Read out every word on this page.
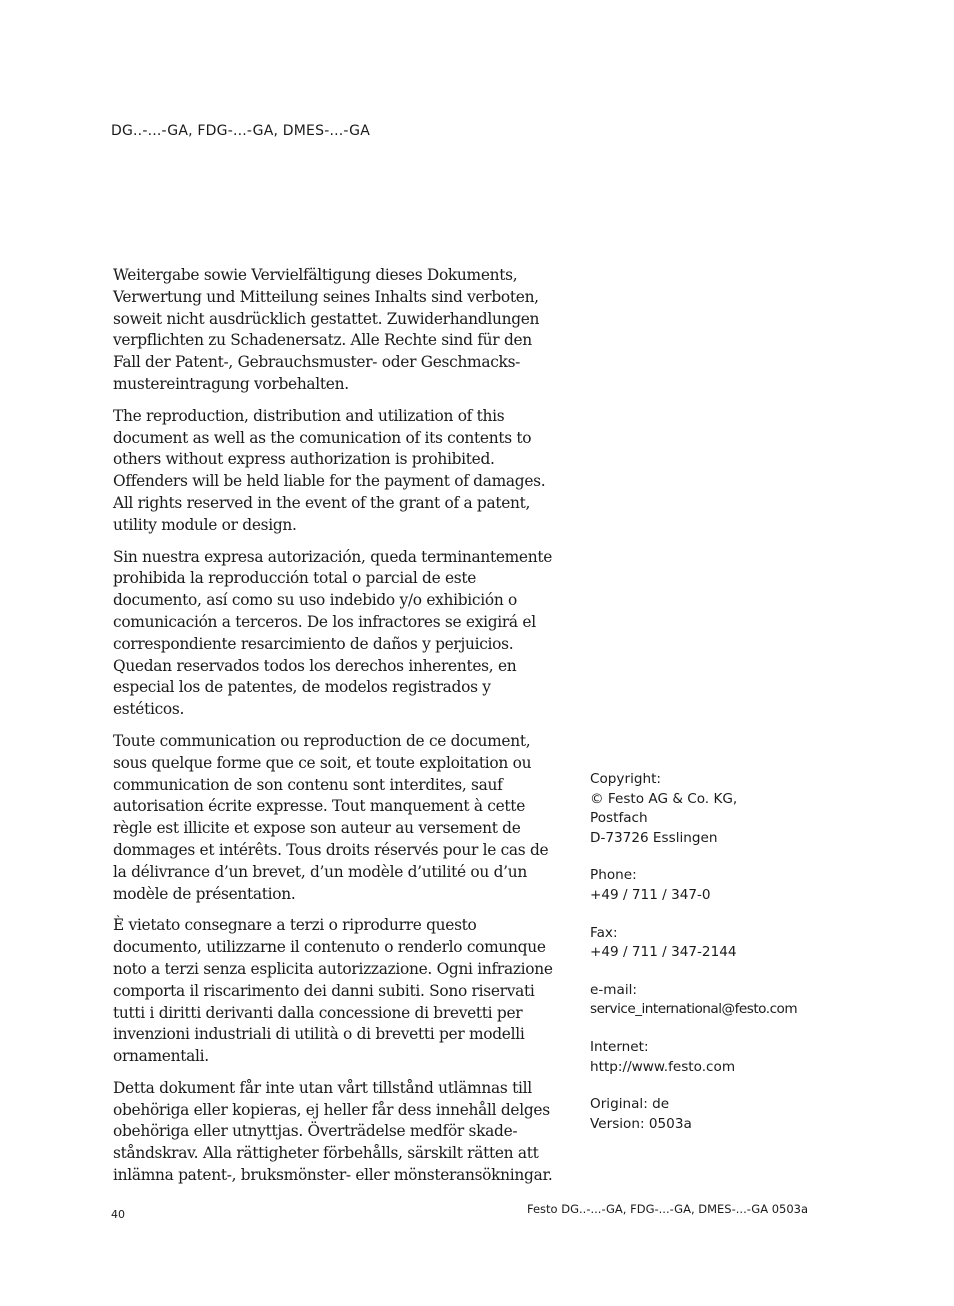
DG..-...-GA, FDG-...-GA, DMES-...-GA

Weitergabe sowie Vervielfältigung dieses Dokuments, Verwertung und Mitteilung seines Inhalts sind verboten, soweit nicht ausdrücklich gestattet. Zuwiderhandlungen verpflichten zu Schadenersatz. Alle Rechte sind für den Fall der Patent-, Gebrauchsmuster- oder Geschmacks-mustereintragung vorbehalten.

The reproduction, distribution and utilization of this document as well as the comunication of its contents to others without express authorization is prohibited. Offenders will be held liable for the payment of damages. All rights reserved in the event of the grant of a patent, utility module or design.

Sin nuestra expresa autorización, queda terminantemente prohibida la reproducción total o parcial de este documento, así como su uso indebido y/o exhibición o comunicación a terceros. De los infractores se exigirá el correspondiente resarcimiento de daños y perjuicios. Quedan reservados todos los derechos inherentes, en especial los de patentes, de modelos registrados y estéticos.

Toute communication ou reproduction de ce document, sous quelque forme que ce soit, et toute exploitation ou communication de son contenu sont interdites, sauf autorisation écrite expresse. Tout manquement à cette règle est illicite et expose son auteur au versement de dommages et intérêts. Tous droits réservés pour le cas de la délivrance d’un brevet, d’un modèle d’utilité ou d’un modèle de présentation.

È vietato consegnare a terzi o riprodurre questo documento, utilizzarne il contenuto o renderlo comunque noto a terzi senza esplicita autorizzazione. Ogni infrazione comporta il riscarimento dei danni subiti. Sono riservati tutti i diritti derivanti dalla concessione di brevetti per invenzioni industriali di utilità o di brevetti per modelli ornamentali.

Detta dokument får inte utan vårt tillstånd utlämnas till obehöriga eller kopieras, ej heller får dess innehåll delges obehöriga eller utnyttjas. Överträdelse medför skade-ståndskrav. Alla rättigheter förbehålls, särskilt rätten att inlämna patent-, bruksmönster- eller mönsteransökningar.

Copyright:
© Festo AG & Co. KG,
Postfach
D-73726 Esslingen
Phone:
+49 / 711 / 347-0
Fax:
+49 / 711 / 347-2144
e-mail:
service_international@festo.com
Internet:
http://www.festo.com
Original: de
Version: 0503a
40	Festo DG..-...-GA, FDG-...-GA, DMES-...-GA 0503a
